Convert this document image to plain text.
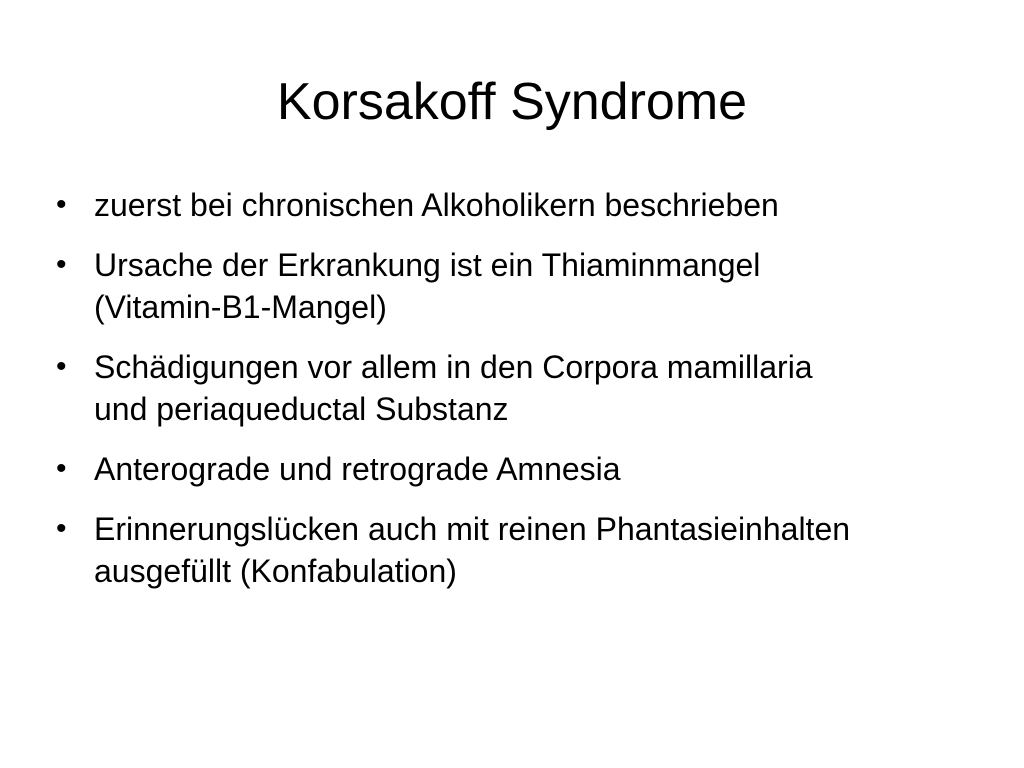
Korsakoff Syndrome
• zuerst bei chronischen Alkoholikern beschrieben
• Ursache der Erkrankung ist ein Thiaminmangel
(Vitamin-B1-Mangel)
• Schädigungen vor allem in den Corpora mamillaria
und periaqueductal Substanz
• Anterograde und retrograde Amnesia
• Erinnerungslücken auch mit reinen Phantasieinhalten
ausgefüllt (Konfabulation)
